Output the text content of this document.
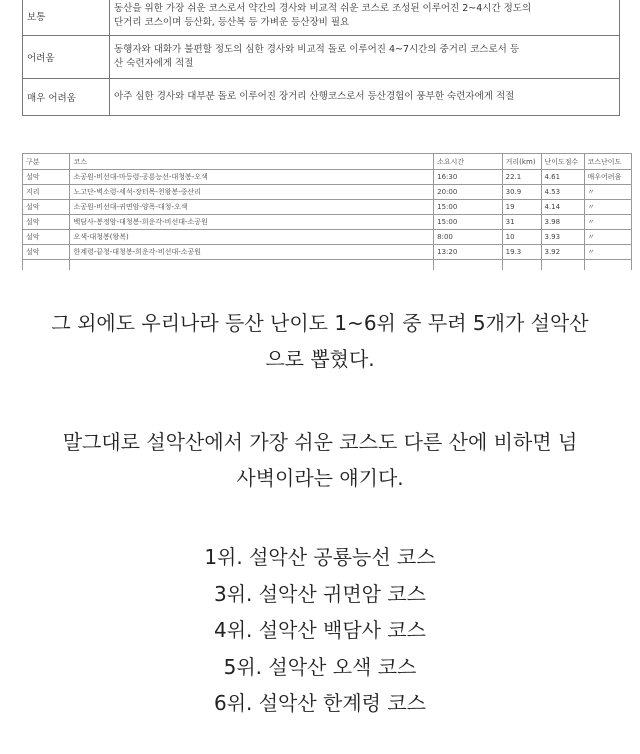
보통	동산을 위한 가장 쉬운 코스로서 약간의 경사와 비교적 쉬운 코스로 조성된 이루어진 2~4시간 정도의
단거리 코스이며 등산화, 등산복 등 가벼운 등산장비 필요

어려움	동행자와 대화가 불편할 정도의 심한 경사와 비교적 돌로 이루어진 4~7시간의 중거리 코스로서 등
산 숙련자에게 적절

매우 어려움	아주 심한 경사와 대부분 돌로 이루어진 장거리 산행코스로서 등산경험이 풍부한 숙련자에게 적절
구분	코스	소요시간	거리(km)	난이도점수	코스난이도
설악	소공원-비선대-마등령-공룡능선-대청봉-오색	16:30	22.1	4.61	매우어려움
지리	노고단-벽소령-세석-장터목-천왕봉-중산리	20:00	30.9	4.53	〃
설악	소공원-비선대-귀면암-양폭-대청-오색	15:00	19	4.14	〃
설악	백담사-봉정암-대청봉-희운각-비선대-소공원	15:00	31	3.98	〃
설악	오색-대청봉(왕복)	8:00	10	3.93	〃
설악	한계령-끝청-대청봉-희운각-비선대-소공원	13:20	19.3	3.92	〃

그 외에도 우리나라 등산 난이도 1~6위 중 무려 5개가 설악산
으로 뽑혔다.
말그대로 설악산에서 가장 쉬운 코스도 다른 산에 비하면 넘
사벽이라는 얘기다.
1위. 설악산 공룡능선 코스
3위. 설악산 귀면암 코스
4위. 설악산 백담사 코스
5위. 설악산 오색 코스
6위. 설악산 한계령 코스
